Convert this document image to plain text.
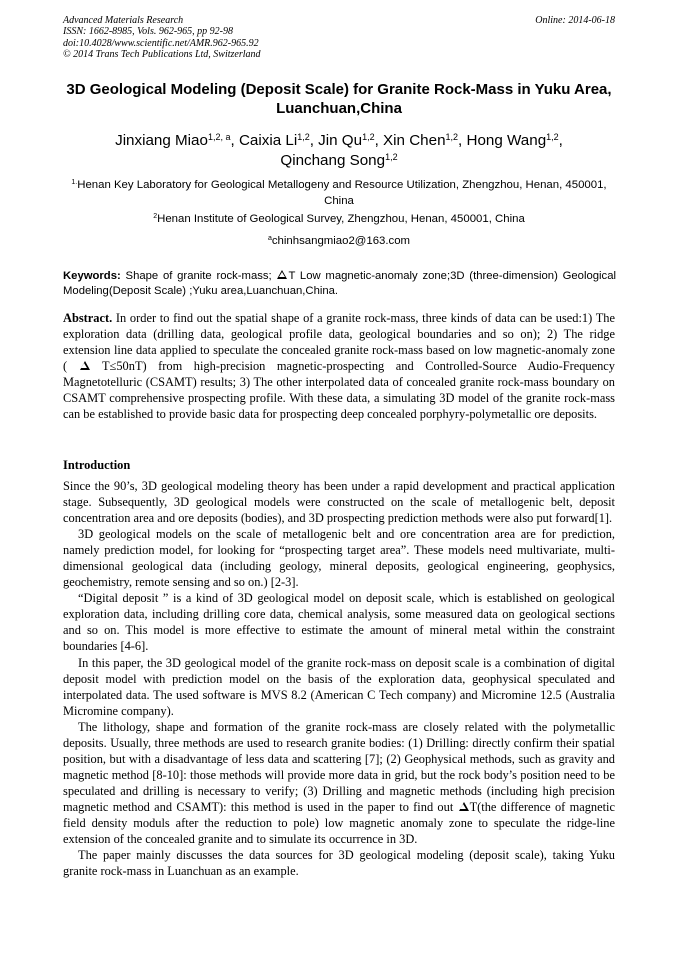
Advanced Materials Research
ISSN: 1662-8985, Vols. 962-965, pp 92-98
doi:10.4028/www.scientific.net/AMR.962-965.92
© 2014 Trans Tech Publications Ltd, Switzerland
Online: 2014-06-18
3D Geological Modeling (Deposit Scale) for Granite Rock-Mass in Yuku Area, Luanchuan,China
Jinxiang Miao$^{1,2, a}$, Caixia Li$^{1,2}$, Jin Qu$^{1,2}$, Xin Chen$^{1,2}$, Hong Wang$^{1,2}$,
Qinchang Song$^{1,2}$
$^{1.}$Henan Key Laboratory for Geological Metallogeny and Resource Utilization, Zhengzhou, Henan, 450001, China
$^2$Henan Institute of Geological Survey, Zhengzhou, Henan, 450001, China
$^a$chinhsangmiao2@163.com
Keywords: Shape of granite rock-mass; T Low magnetic-anomaly zone;3D (three-dimension) Geological Modeling(Deposit Scale) ;Yuku area,Luanchuan,China.
Abstract. In order to find out the spatial shape of a granite rock-mass, three kinds of data can be used:1) The exploration data (drilling data, geological profile data, geological boundaries and so on); 2) The ridge extension line data applied to speculate the concealed granite rock-mass based on low magnetic-anomaly zone (  T≤50nT) from high-precision magnetic-prospecting and Controlled-Source Audio-Frequency Magnetotelluric (CSAMT) results; 3) The other interpolated data of concealed granite rock-mass boundary on CSAMT comprehensive prospecting profile. With these data, a simulating 3D model of the granite rock-mass can be established to provide basic data for prospecting deep concealed porphyry-polymetallic ore deposits.
Introduction

Since the 90’s, 3D geological modeling theory has been under a rapid development and practical application stage. Subsequently, 3D geological models were constructed on the scale of metallogenic belt, deposit concentration area and ore deposits (bodies), and 3D prospecting prediction methods were also put forward[1].

3D geological models on the scale of metallogenic belt and ore concentration area are for prediction, namely prediction model, for looking for “prospecting target area”. These models need multivariate, multi-dimensional geological data (including geology, mineral deposits, geological engineering, geophysics, geochemistry, remote sensing and so on.) [2-3].

“Digital deposit ” is a kind of 3D geological model on deposit scale, which is established on geological exploration data, including drilling core data, chemical analysis, some measured data on geological sections and so on. This model is more effective to estimate the amount of mineral metal within the constraint boundaries [4-6].

In this paper, the 3D geological model of the granite rock-mass on deposit scale is a combination of digital deposit model with prediction model on the basis of the exploration data, geophysical speculated and interpolated data. The used software is MVS 8.2 (American C Tech company) and Micromine 12.5 (Australia Micromine company).

The lithology, shape and formation of the granite rock-mass are closely related with the polymetallic deposits. Usually, three methods are used to research granite bodies: (1) Drilling: directly confirm their spatial position, but with a disadvantage of less data and scattering [7]; (2) Geophysical methods, such as gravity and magnetic method [8-10]: those methods will provide more data in grid, but the rock body’s position need to be speculated and drilling is necessary to verify; (3) Drilling and magnetic methods (including high precision magnetic method and CSAMT): this method is used in the paper to find out T(the difference of magnetic field density moduls after the reduction to pole) low magnetic anomaly zone to speculate the ridge-line extension of the concealed granite and to simulate its occurrence in 3D.

The paper mainly discusses the data sources for 3D geological modeling (deposit scale), taking Yuku granite rock-mass in Luanchuan as an example.
